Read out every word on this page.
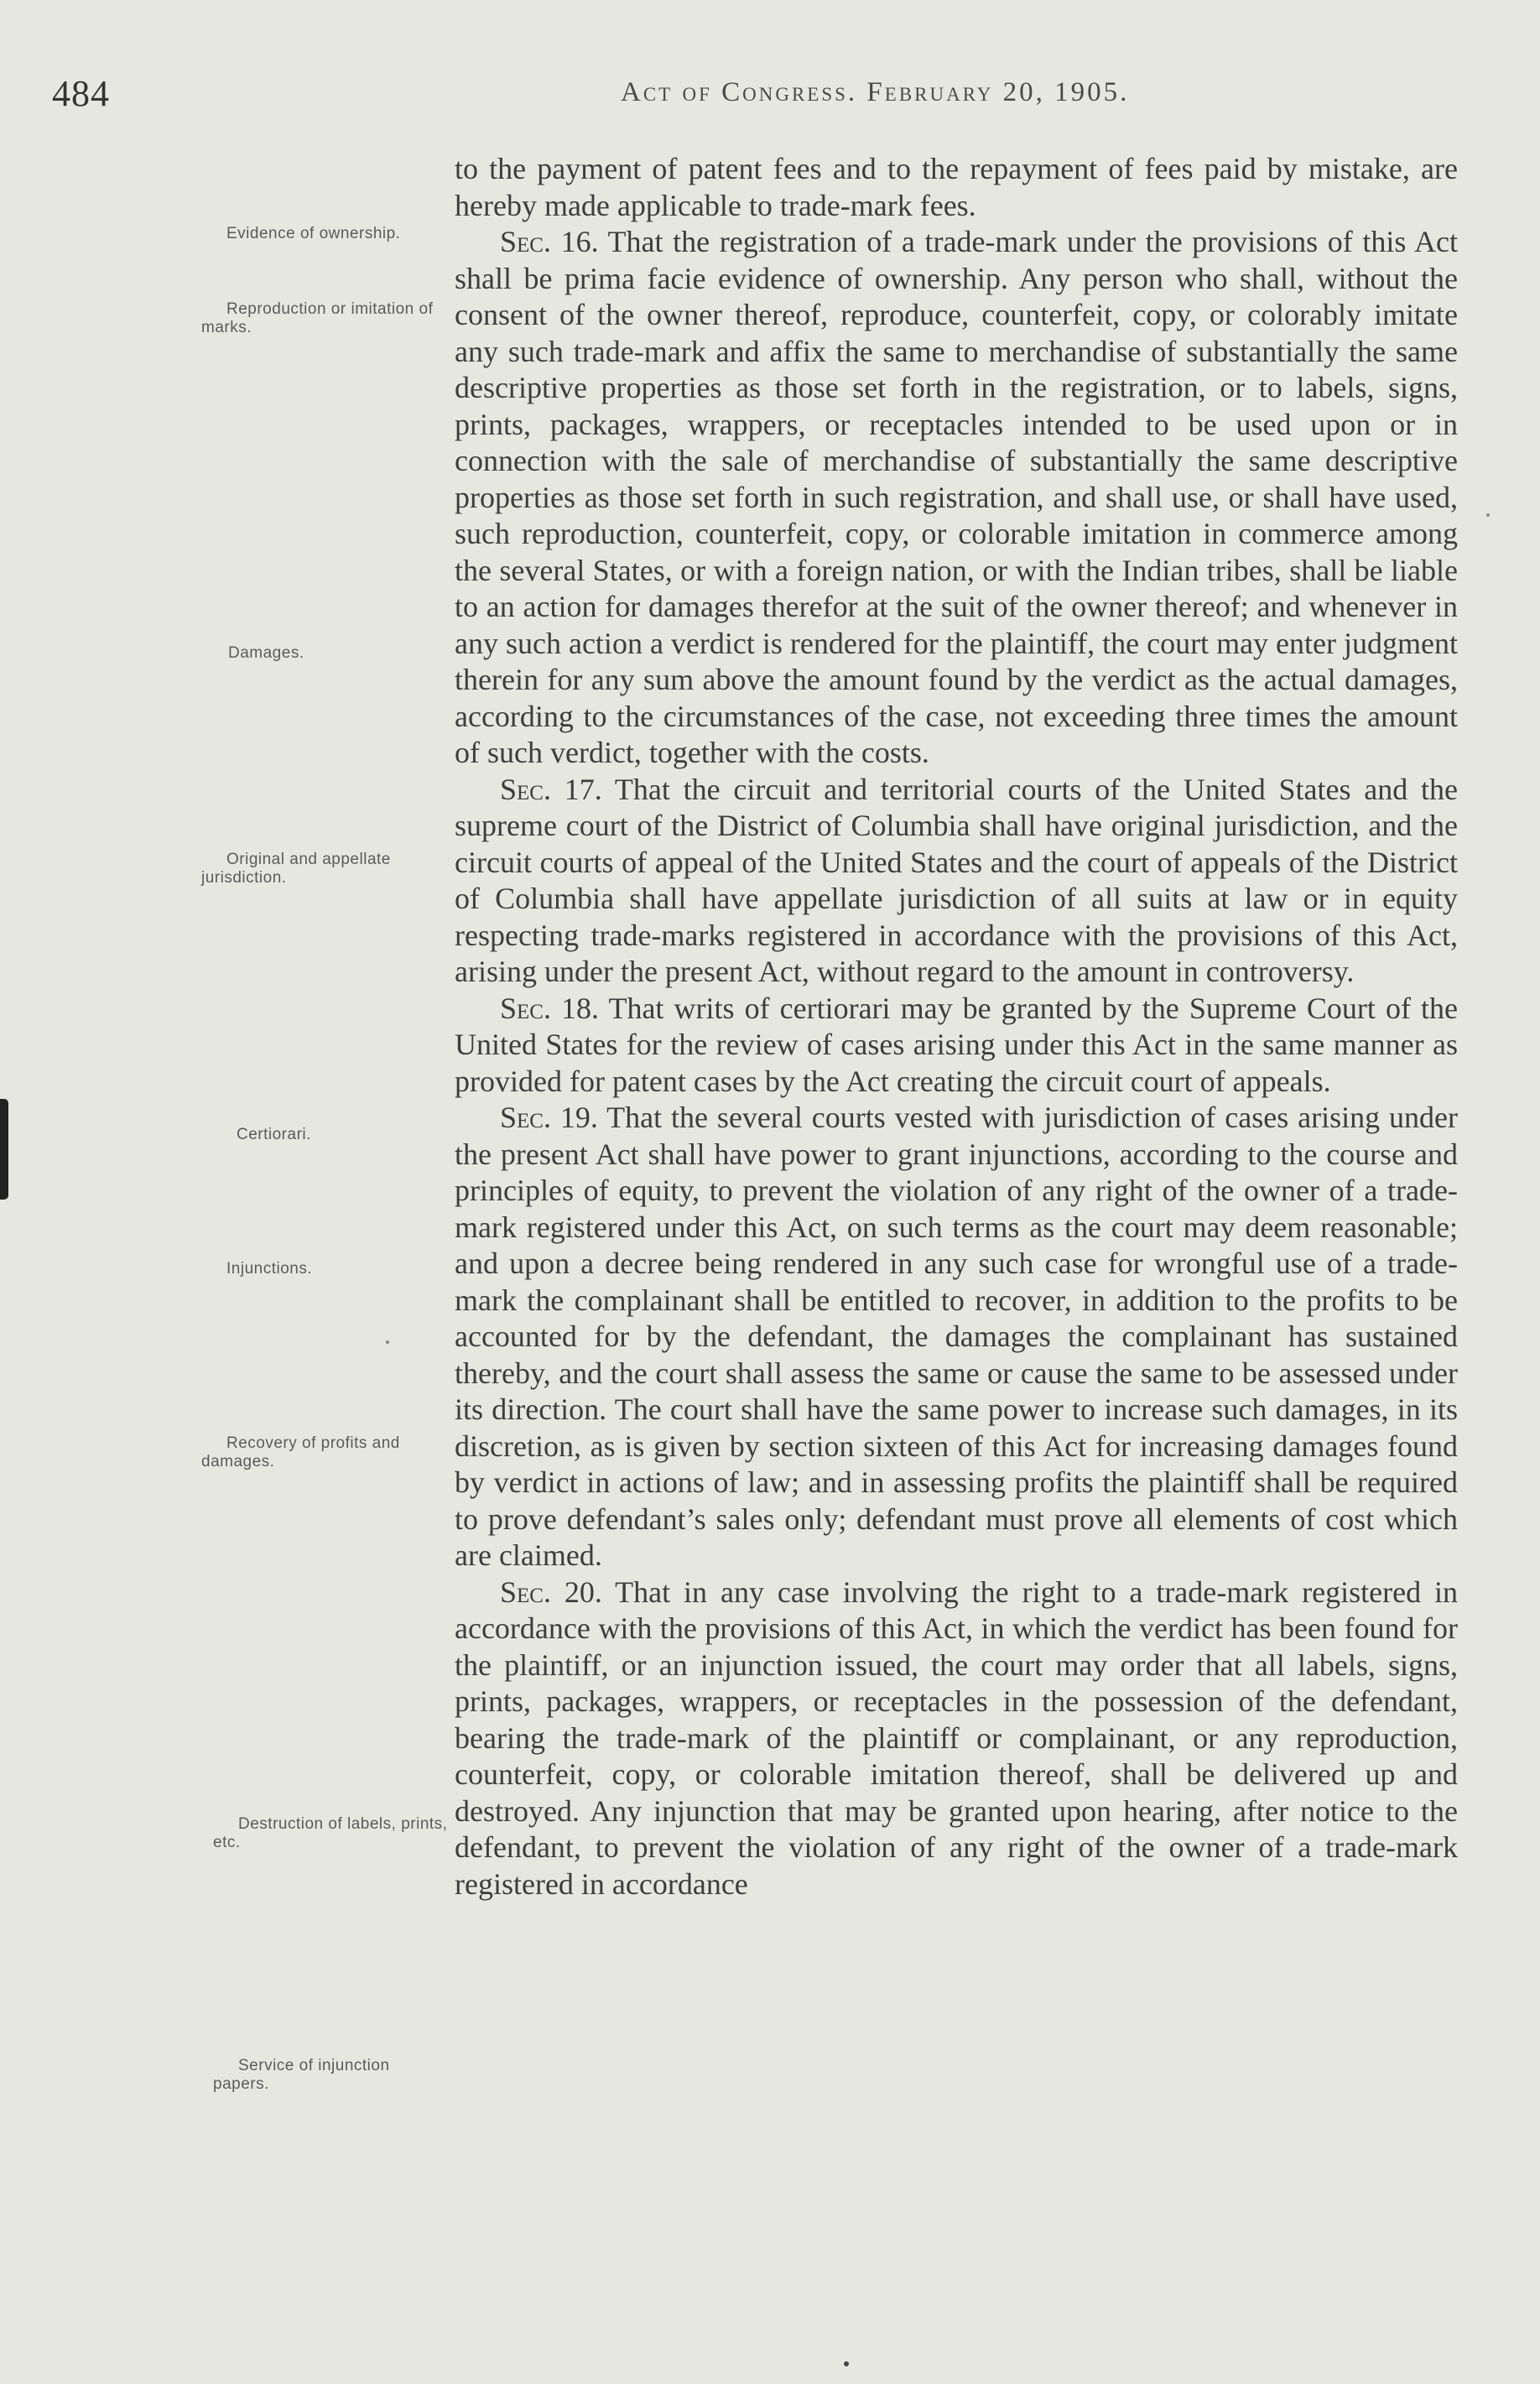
484	Act of Congress. February 20, 1905.
Evidence of ownership.
Reproduction or imitation of marks.
Damages.
Original and appellate jurisdiction.
Certiorari.
Injunctions.
Recovery of profits and damages.
Destruction of labels, prints, etc.
Service of injunction papers.

to the payment of patent fees and to the repayment of fees paid by mistake, are hereby made applicable to trade-mark fees.

Sec. 16. That the registration of a trade-mark under the provisions of this Act shall be prima facie evidence of ownership. Any person who shall, without the consent of the owner thereof, reproduce, counterfeit, copy, or colorably imitate any such trade-mark and affix the same to merchandise of substantially the same descriptive properties as those set forth in the registration, or to labels, signs, prints, packages, wrappers, or receptacles intended to be used upon or in connection with the sale of merchandise of substantially the same descriptive properties as those set forth in such registration, and shall use, or shall have used, such reproduction, counterfeit, copy, or colorable imitation in commerce among the several States, or with a foreign nation, or with the Indian tribes, shall be liable to an action for damages therefor at the suit of the owner thereof; and whenever in any such action a verdict is rendered for the plaintiff, the court may enter judgment therein for any sum above the amount found by the verdict as the actual damages, according to the circumstances of the case, not exceeding three times the amount of such verdict, together with the costs.

Sec. 17. That the circuit and territorial courts of the United States and the supreme court of the District of Columbia shall have original jurisdiction, and the circuit courts of appeal of the United States and the court of appeals of the District of Columbia shall have appellate jurisdiction of all suits at law or in equity respecting trade-marks registered in accordance with the provisions of this Act, arising under the present Act, without regard to the amount in controversy.

Sec. 18. That writs of certiorari may be granted by the Supreme Court of the United States for the review of cases arising under this Act in the same manner as provided for patent cases by the Act creating the circuit court of appeals.

Sec. 19. That the several courts vested with jurisdiction of cases arising under the present Act shall have power to grant injunctions, according to the course and principles of equity, to prevent the violation of any right of the owner of a trade-mark registered under this Act, on such terms as the court may deem reasonable; and upon a decree being rendered in any such case for wrongful use of a trade-mark the complainant shall be entitled to recover, in addition to the profits to be accounted for by the defendant, the damages the complainant has sustained thereby, and the court shall assess the same or cause the same to be assessed under its direction. The court shall have the same power to increase such damages, in its discretion, as is given by section sixteen of this Act for increasing damages found by verdict in actions of law; and in assessing profits the plaintiff shall be required to prove defendant’s sales only; defendant must prove all elements of cost which are claimed.

Sec. 20. That in any case involving the right to a trade-mark registered in accordance with the provisions of this Act, in which the verdict has been found for the plaintiff, or an injunction issued, the court may order that all labels, signs, prints, packages, wrappers, or receptacles in the possession of the defendant, bearing the trade-mark of the plaintiff or complainant, or any reproduction, counterfeit, copy, or colorable imitation thereof, shall be delivered up and destroyed. Any injunction that may be granted upon hearing, after notice to the defendant, to prevent the violation of any right of the owner of a trade-mark registered in accordance
